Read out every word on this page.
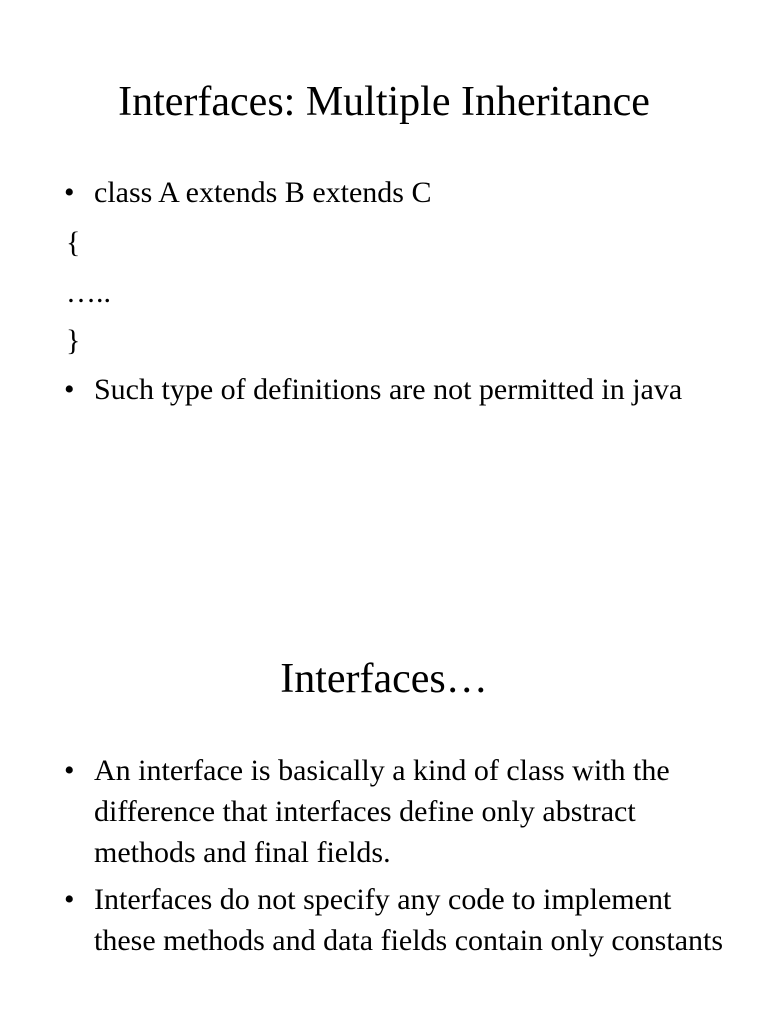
Interfaces: Multiple Inheritance
• class A extends B extends C
{
…..
}
• Such type of definitions are not permitted in java
Interfaces…
• An interface is basically a kind of class with the difference that interfaces define only abstract methods and final fields.
• Interfaces do not specify any code to implement these methods and data fields contain only constants
